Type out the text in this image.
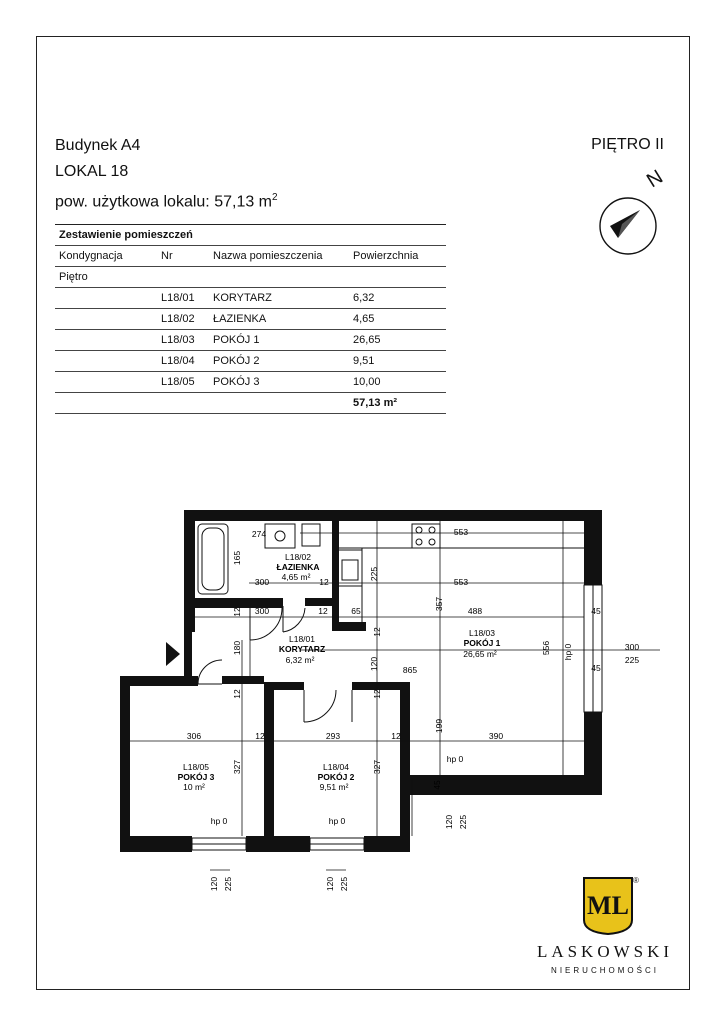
Budynek A4
LOKAL 18
pow. użytkowa lokalu: 57,13 $m^2$
PIĘTRO II
N
Zestawienie pomieszczeń			
Kondygnacja	Nr	Nazwa pomieszczenia	Powierzchnia
Piętro			
	L18/01	KORYTARZ	6,32
	L18/02	ŁAZIENKA	4,65
	L18/03	POKÓJ 1	26,65
	L18/04	POKÓJ 2	9,51
	L18/05	POKÓJ 3	10,00
			57,13 m²

L18/02
ŁAZIENKA
4,65 m²
L18/01
KORYTARZ
6,32 m²
L18/03
POKÓJ 1
26,65 m²
L18/05
POKÓJ 3
10 m²
L18/04
POKÓJ 2
9,51 m²
274	553
300	12	553
300	12	65	488	45
865
300
225
45
306	12	293	12	390
hp 0
hp 0	hp 0
165
225
357
12
12
180
120
556 hp 0
12	12
199
327	327
45
120 225
120 225	120 225
ML
®
LASKOWSKI
NIERUCHOMOŚCI
